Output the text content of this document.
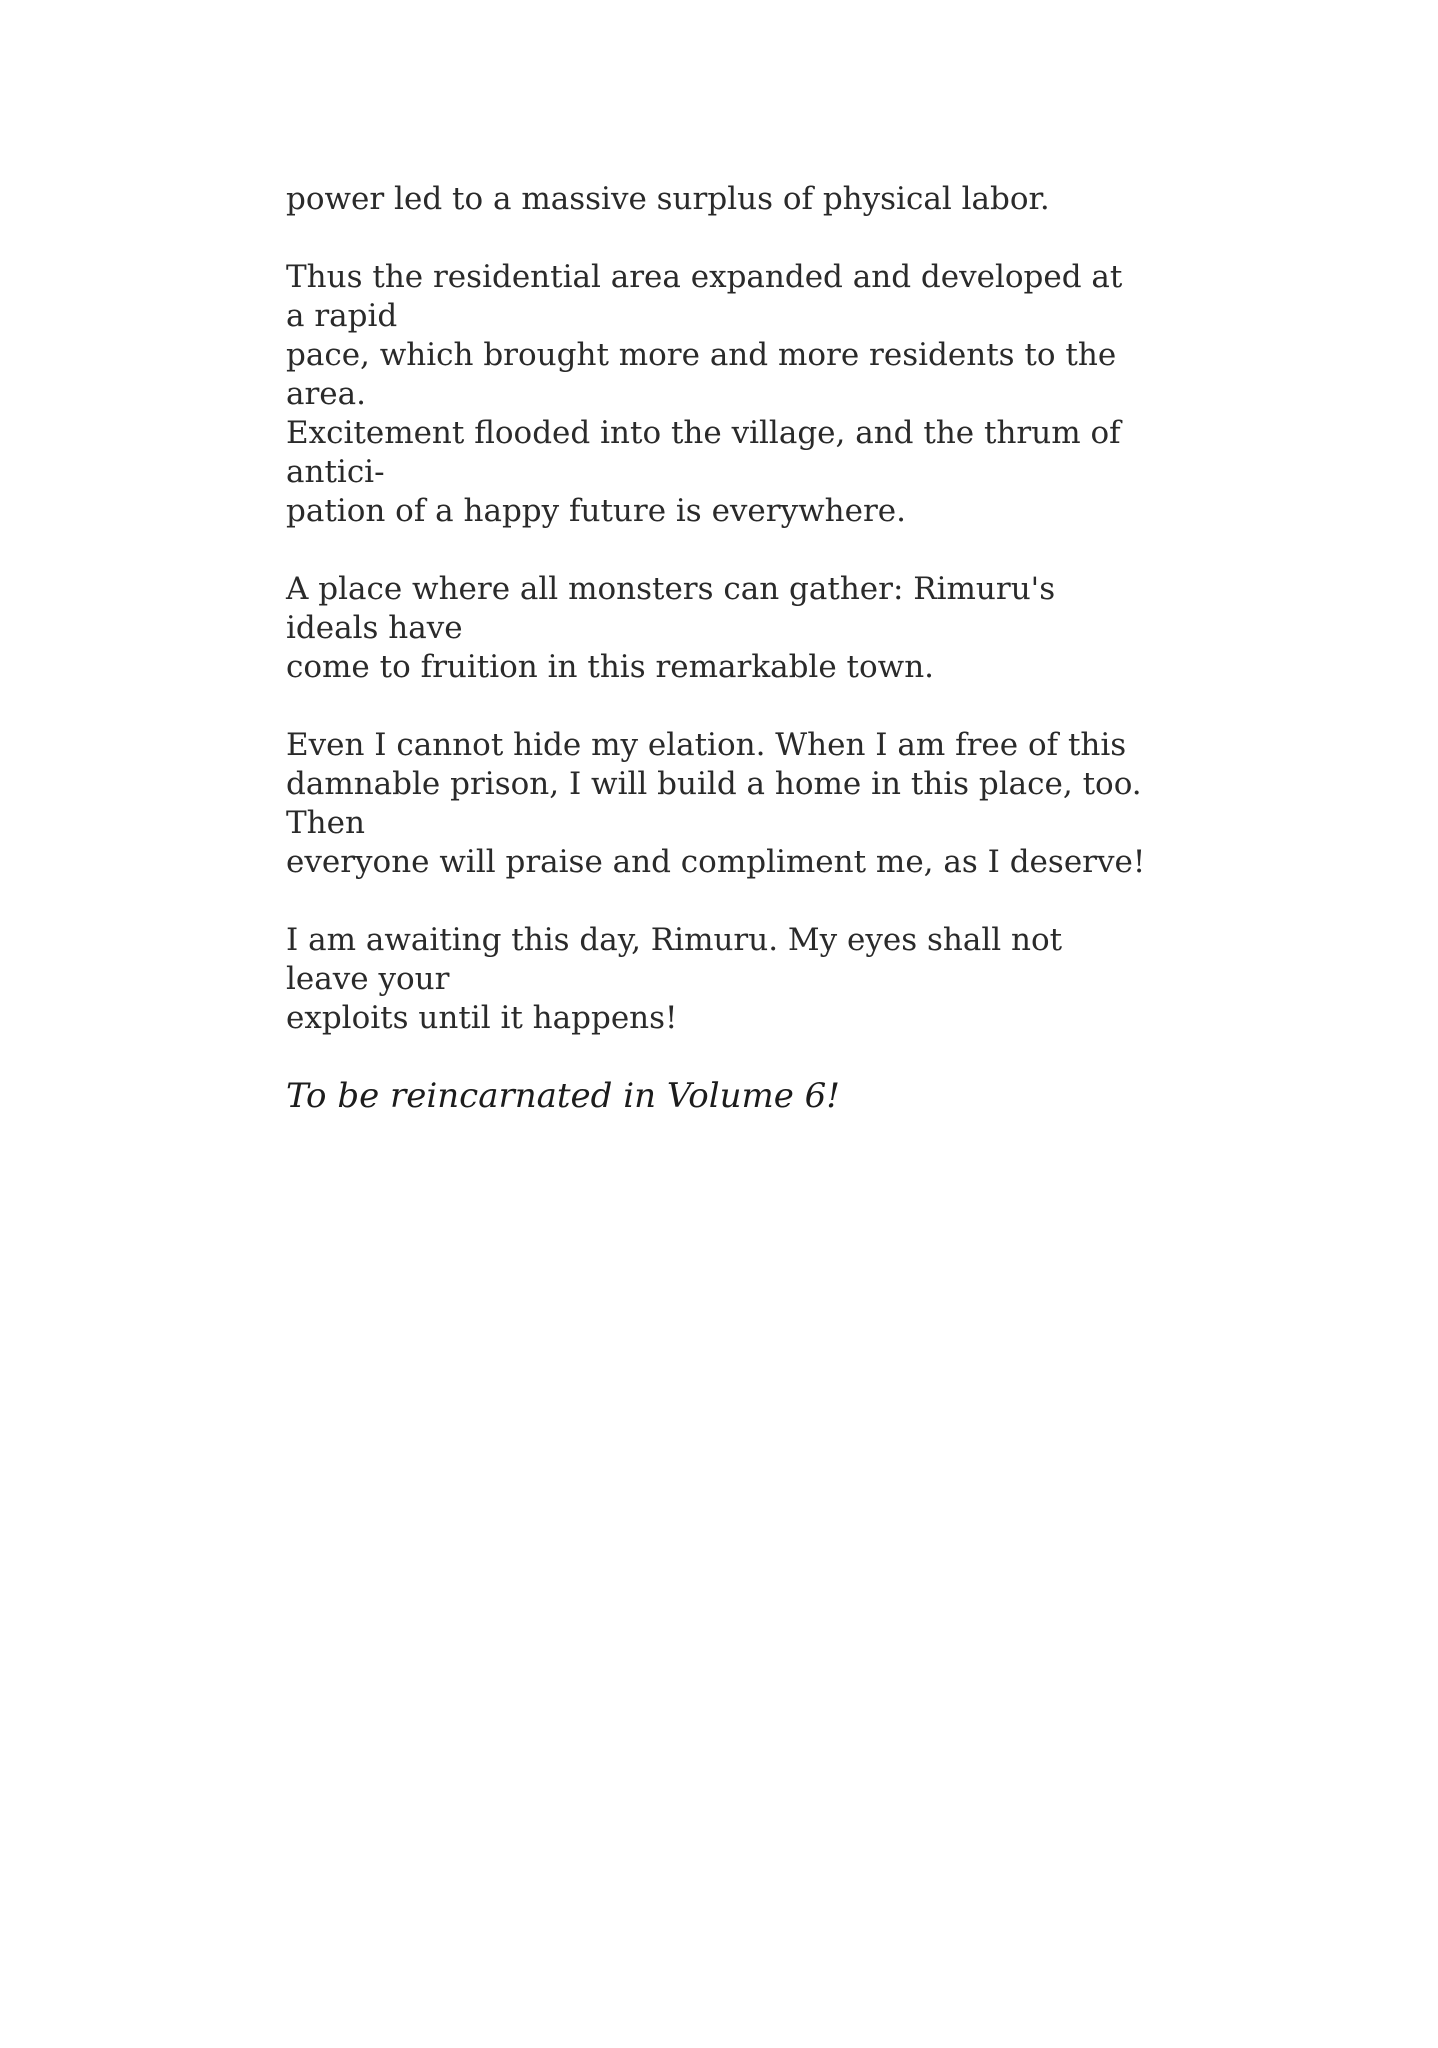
power led to a massive surplus of physical labor.

Thus the residential area expanded and developed at a rapid
pace, which brought more and more residents to the area.
Excitement flooded into the village, and the thrum of antici-
pation of a happy future is everywhere.

A place where all monsters can gather: Rimuru's ideals have
come to fruition in this remarkable town.

Even I cannot hide my elation. When I am free of this
damnable prison, I will build a home in this place, too. Then
everyone will praise and compliment me, as I deserve!

I am awaiting this day, Rimuru. My eyes shall not leave your
exploits until it happens!

To be reincarnated in Volume 6!
